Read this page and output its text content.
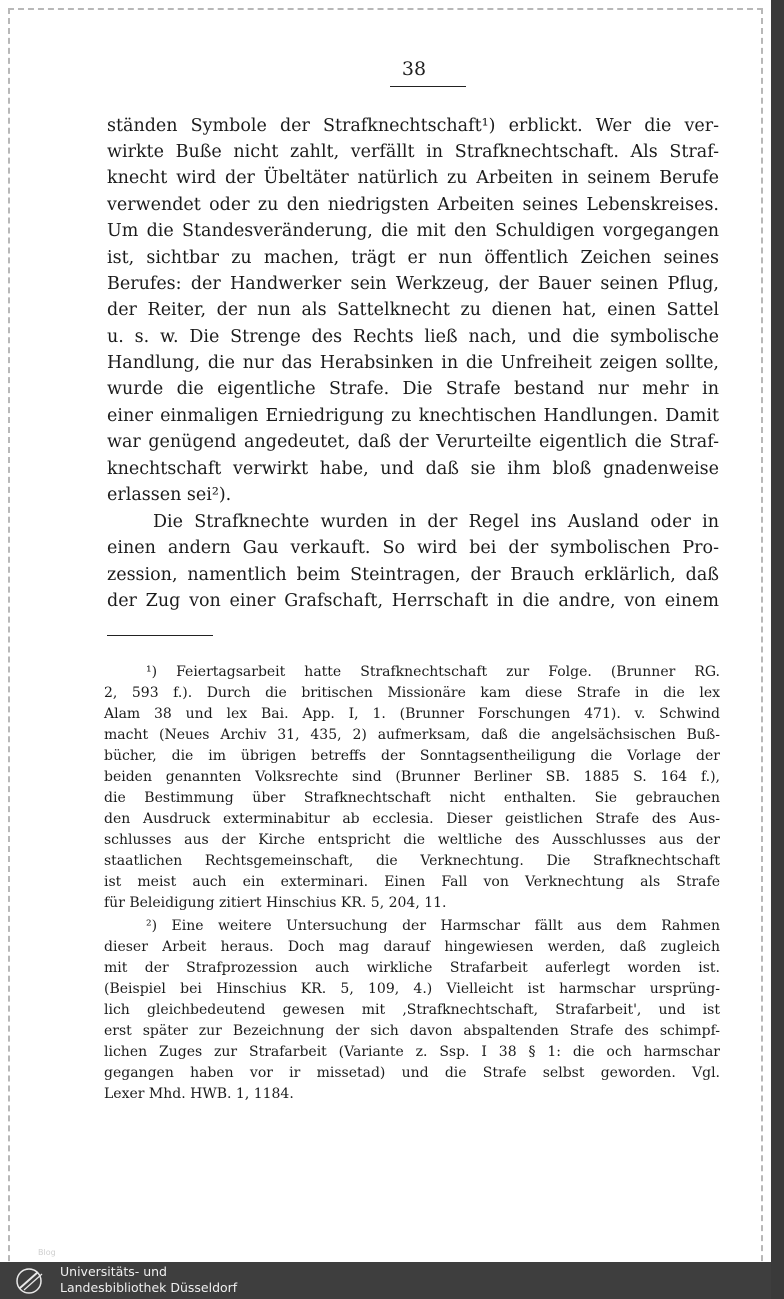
38
ständen Symbole der Strafknechtschaft¹) erblickt. Wer die ver-
wirkte Buße nicht zahlt, verfällt in Strafknechtschaft. Als Straf-
knecht wird der Übeltäter natürlich zu Arbeiten in seinem Berufe
verwendet oder zu den niedrigsten Arbeiten seines Lebenskreises.
Um die Standesveränderung, die mit den Schuldigen vorgegangen
ist, sichtbar zu machen, trägt er nun öffentlich Zeichen seines
Berufes: der Handwerker sein Werkzeug, der Bauer seinen Pflug,
der Reiter, der nun als Sattelknecht zu dienen hat, einen Sattel
u. s. w. Die Strenge des Rechts ließ nach, und die symbolische
Handlung, die nur das Herabsinken in die Unfreiheit zeigen sollte,
wurde die eigentliche Strafe. Die Strafe bestand nur mehr in
einer einmaligen Erniedrigung zu knechtischen Handlungen. Damit
war genügend angedeutet, daß der Verurteilte eigentlich die Straf-
knechtschaft verwirkt habe, und daß sie ihm bloß gnadenweise
erlassen sei²).
Die Strafknechte wurden in der Regel ins Ausland oder in
einen andern Gau verkauft. So wird bei der symbolischen Pro-
zession, namentlich beim Steintragen, der Brauch erklärlich, daß
der Zug von einer Grafschaft, Herrschaft in die andre, von einem
¹) Feiertagsarbeit hatte Strafknechtschaft zur Folge. (Brunner RG.
2, 593 f.). Durch die britischen Missionäre kam diese Strafe in die lex
Alam 38 und lex Bai. App. I, 1. (Brunner Forschungen 471). v. Schwind
macht (Neues Archiv 31, 435, 2) aufmerksam, daß die angelsächsischen Buß-
bücher, die im übrigen betreffs der Sonntagsentheiligung die Vorlage der
beiden genannten Volksrechte sind (Brunner Berliner SB. 1885 S. 164 f.),
die Bestimmung über Strafknechtschaft nicht enthalten. Sie gebrauchen
den Ausdruck exterminabitur ab ecclesia. Dieser geistlichen Strafe des Aus-
schlusses aus der Kirche entspricht die weltliche des Ausschlusses aus der
staatlichen Rechtsgemeinschaft, die Verknechtung. Die Strafknechtschaft
ist meist auch ein exterminari. Einen Fall von Verknechtung als Strafe
für Beleidigung zitiert Hinschius KR. 5, 204, 11.
²) Eine weitere Untersuchung der Harmschar fällt aus dem Rahmen
dieser Arbeit heraus. Doch mag darauf hingewiesen werden, daß zugleich
mit der Strafprozession auch wirkliche Strafarbeit auferlegt worden ist.
(Beispiel bei Hinschius KR. 5, 109, 4.) Vielleicht ist harmschar ursprüng-
lich gleichbedeutend gewesen mit ‚Strafknechtschaft, Strafarbeit', und ist
erst später zur Bezeichnung der sich davon abspaltenden Strafe des schimpf-
lichen Zuges zur Strafarbeit (Variante z. Ssp. I 38 § 1: die och harmschar
gegangen haben vor ir missetad) und die Strafe selbst geworden. Vgl.
Lexer Mhd. HWB. 1, 1184.
Blog
Universitäts- und
Landesbibliothek Düsseldorf
